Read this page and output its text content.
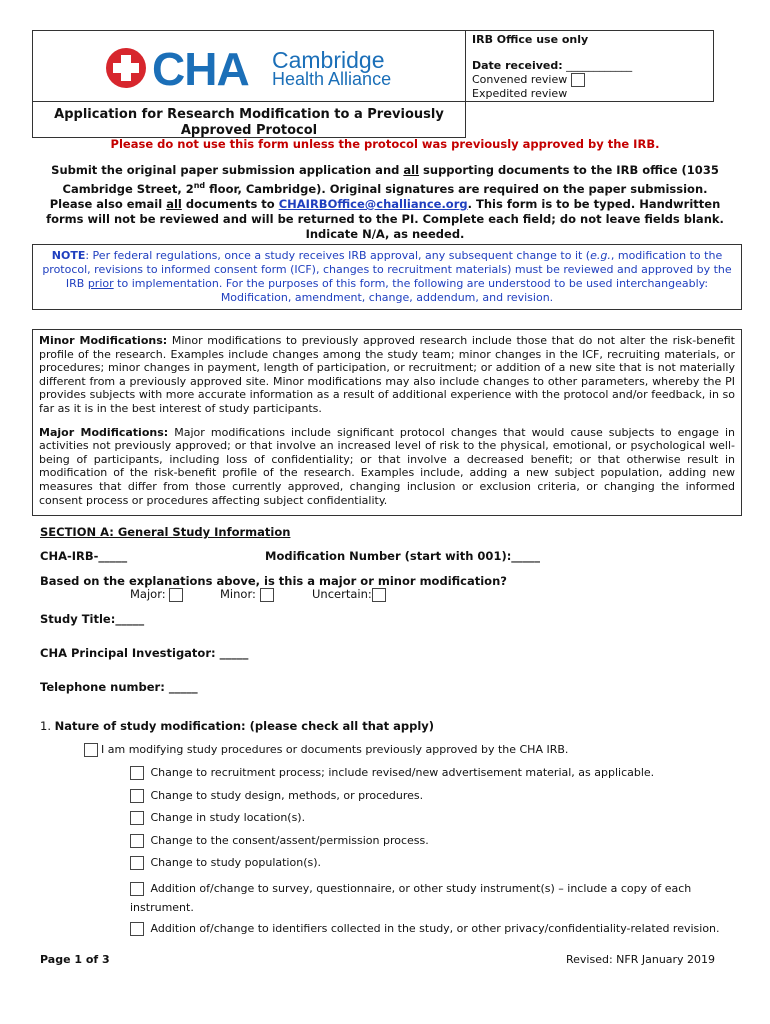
CHA Cambridge
Health Alliance
IRB Office use only
Date received: ____________
Convened review
Expedited review
Application for Research Modification to a Previously Approved Protocol
Please do not use this form unless the protocol was previously approved by the IRB.
Submit the original paper submission application and all supporting documents to the IRB office (1035 Cambridge Street, 2nd floor, Cambridge). Original signatures are required on the paper submission. Please also email all documents to CHAIRBOffice@challiance.org. This form is to be typed. Handwritten forms will not be reviewed and will be returned to the PI. Complete each field; do not leave fields blank. Indicate N/A, as needed.
NOTE: Per federal regulations, once a study receives IRB approval, any subsequent change to it (e.g., modification to the protocol, revisions to informed consent form (ICF), changes to recruitment materials) must be reviewed and approved by the IRB prior to implementation. For the purposes of this form, the following are understood to be used interchangeably: Modification, amendment, change, addendum, and revision.

Minor Modifications: Minor modifications to previously approved research include those that do not alter the risk-benefit profile of the research. Examples include changes among the study team; minor changes in the ICF, recruiting materials, or procedures; minor changes in payment, length of participation, or recruitment; or addition of a new site that is not materially different from a previously approved site. Minor modifications may also include changes to other parameters, whereby the PI provides subjects with more accurate information as a result of additional experience with the protocol and/or feedback, in so far as it is in the best interest of study participants.

Major Modifications: Major modifications include significant protocol changes that would cause subjects to engage in activities not previously approved; or that involve an increased level of risk to the physical, emotional, or psychological well-being of participants, including loss of confidentiality; or that involve a decreased benefit; or that otherwise result in modification of the risk-benefit profile of the research. Examples include, adding a new subject population, adding new measures that differ from those currently approved, changing inclusion or exclusion criteria, or changing the informed consent process or procedures affecting subject confidentiality.

SECTION A: General Study Information
CHA-IRB-_____	Modification Number (start with 001):_____
Based on the explanations above, is this a major or minor modification?
Major:	Minor:	Uncertain:
Study Title:_____
CHA Principal Investigator: _____
Telephone number: _____
1. Nature of study modification: (please check all that apply)
I am modifying study procedures or documents previously approved by the CHA IRB.
Change to recruitment process; include revised/new advertisement material, as applicable.
Change to study design, methods, or procedures.
Change in study location(s).
Change to the consent/assent/permission process.
Change to study population(s).
Addition of/change to survey, questionnaire, or other study instrument(s) – include a copy of each
instrument.
Addition of/change to identifiers collected in the study, or other privacy/confidentiality-related revision.
Page 1 of 3	Revised: NFR January 2019
